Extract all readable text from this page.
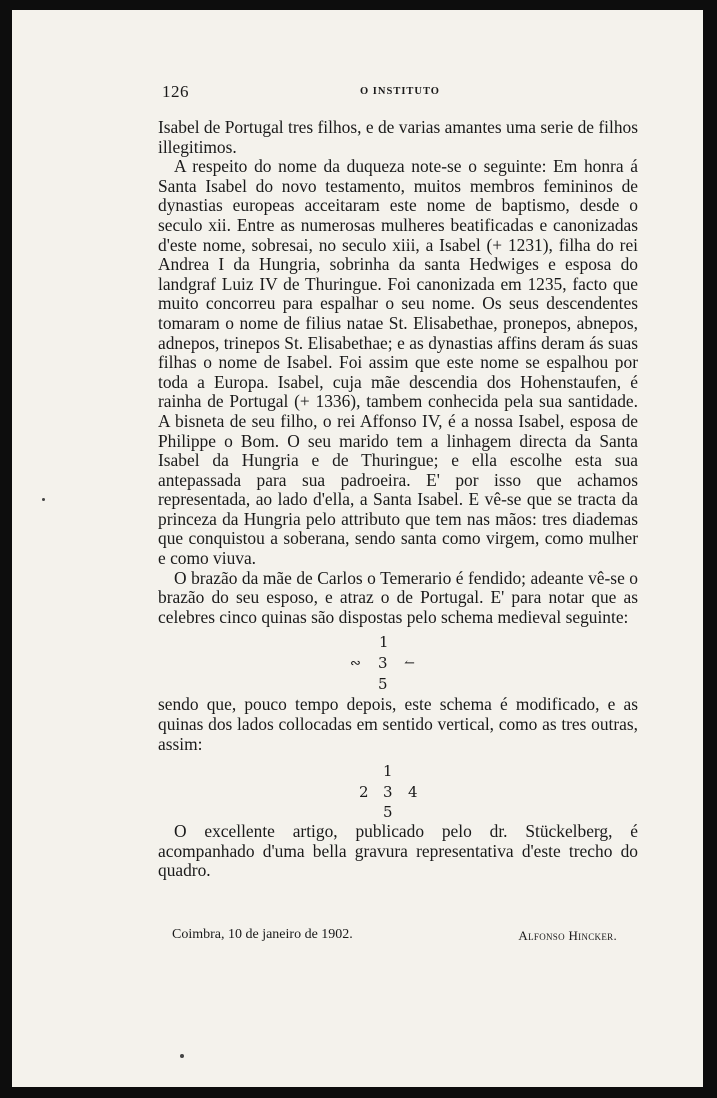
126	O INSTITUTO

Isabel de Portugal tres filhos, e de varias amantes uma serie de filhos illegitimos.

A respeito do nome da duqueza note-se o seguinte: Em honra á Santa Isabel do novo testamento, muitos membros femininos de dynastias europeas acceitaram este nome de baptismo, desde o seculo xii. Entre as numerosas mulheres beatificadas e canonizadas d'este nome, sobresai, no seculo xiii, a Isabel (+ 1231), filha do rei Andrea I da Hungria, sobrinha da santa Hedwiges e esposa do landgraf Luiz IV de Thuringue. Foi canonizada em 1235, facto que muito concorreu para espalhar o seu nome. Os seus descendentes tomaram o nome de filius natae St. Elisabethae, pronepos, abnepos, adnepos, trinepos St. Elisabethae; e as dynastias affins deram ás suas filhas o nome de Isabel. Foi assim que este nome se espalhou por toda a Europa. Isabel, cuja mãe descendia dos Hohenstaufen, é rainha de Portugal (+ 1336), tambem conhecida pela sua santidade. A bisneta de seu filho, o rei Affonso IV, é a nossa Isabel, esposa de Philippe o Bom. O seu marido tem a linhagem directa da Santa Isabel da Hungria e de Thuringue; e ella escolhe esta sua antepassada para sua padroeira. E' por isso que achamos representada, ao lado d'ella, a Santa Isabel. E vê-se que se tracta da princeza da Hungria pelo attributo que tem nas mãos: tres diademas que conquistou a soberana, sendo santa como virgem, como mulher e como viuva.

O brazão da mãe de Carlos o Temerario é fendido; adeante vê-se o brazão do seu esposo, e atraz o de Portugal. E' para notar que as celebres cinco quinas são dispostas pelo schema medieval seguinte:

1
3
∾	↼
5

sendo que, pouco tempo depois, este schema é modificado, e as quinas dos lados collocadas em sentido vertical, como as tres outras, assim:

1
2 3 4
5

O excellente artigo, publicado pelo dr. Stückelberg, é acompanhado d'uma bella gravura representativa d'este trecho do quadro.

Coimbra, 10 de janeiro de 1902.	Alfonso Hincker.
